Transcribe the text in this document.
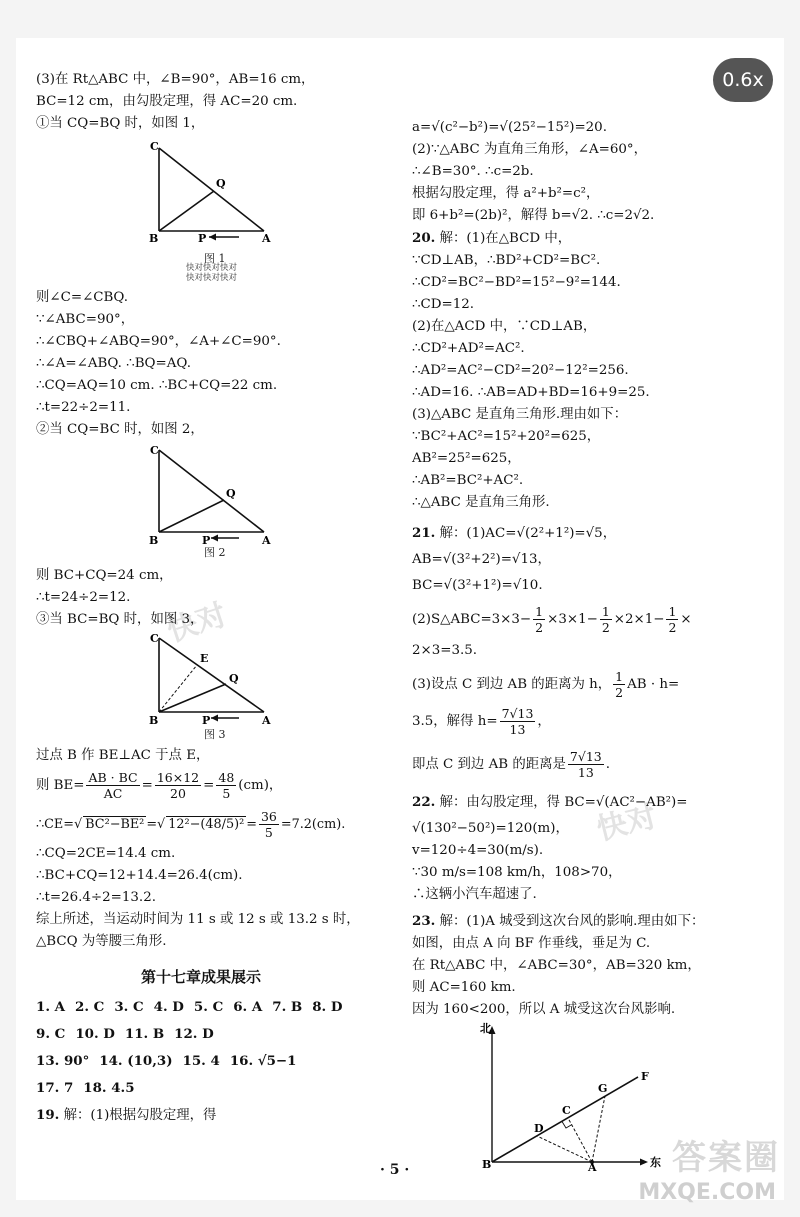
快对
快对
0.6x
(3)在 Rt△ABC 中，∠B=90°，AB=16 cm，
BC=12 cm，由勾股定理，得 AC=20 cm.
①当 CQ=BQ 时，如图 1，
C
Q
B	P	A
图 1
快对快对快对
快对快对快对
则∠C=∠CBQ.
∵∠ABC=90°，
∴∠CBQ+∠ABQ=90°，∠A+∠C=90°.
∴∠A=∠ABQ. ∴BQ=AQ.
∴CQ=AQ=10 cm. ∴BC+CQ=22 cm.
∴t=22÷2=11.
②当 CQ=BC 时，如图 2，
C
Q
B	P	A
图 2
则 BC+CQ=24 cm，
∴t=24÷2=12.
③当 BC=BQ 时，如图 3，
C
E
Q
B	P	A
图 3
过点 B 作 BE⊥AC 于点 E，
则 $BE= \frac{AB \cdot BC}{AC} = \frac{16\times 12}{20} = \frac{48}{5} (cm)$，
∴CE=√ BC²−BE² =√ $12^2-(48/5)^2 = \frac{36}{5} =7.2(cm)$.
∴CQ=2CE=14.4 cm.
∴BC+CQ=12+14.4=26.4(cm).
∴t=26.4÷2=13.2.
综上所述，当运动时间为 11 s 或 12 s 或 13.2 s 时，
△BCQ 为等腰三角形.
第十七章成果展示
1. A 2. C 3. C 4. D 5. C 6. A 7. B 8. D
9. C 10. D 11. B 12. D
13. 90° 14. (10,3) 15. 4 16. √5−1
17. 7 18. 4.5
19. 解：(1)根据勾股定理，得
a=√(c²−b²)=√(25²−15²)=20.
(2)∵△ABC 为直角三角形，∠A=60°，
∴∠B=30°. ∴c=2b.
根据勾股定理，得 a²+b²=c²，
即 6+b²=(2b)²，解得 b=√2. ∴c=2√2.
20. 解：(1)在△BCD 中，
∵CD⊥AB，∴BD²+CD²=BC².
∴CD²=BC²−BD²=15²−9²=144.
∴CD=12.
(2)在△ACD 中，∵CD⊥AB，
∴CD²+AD²=AC².
∴AD²=AC²−CD²=20²−12²=256.
∴AD=16. ∴AB=AD+BD=16+9=25.
(3)△ABC 是直角三角形.理由如下：
∵BC²+AC²=15²+20²=625，
AB²=25²=625，
∴AB²=BC²+AC².
∴△ABC 是直角三角形.
21. 解：(1)AC=√(2²+1²)=√5，
AB=√(3²+2²)=√13，
BC=√(3²+1²)=√10.
(2)S△ABC=3×3− $\frac{1}{2} \times 3\times 1- \frac{1}{2} \times 2\times 1- \frac{1}{2}$ ×
2×3=3.5.
(3)设点 C 到边 AB 的距离为 h， $\frac{1}{2}$ AB · h=
3.5，解得 $h= \frac{7√13}{13}$ ，
即点 C 到边 AB 的距离是 $\frac{7√13}{13}$ .
22. 解：由勾股定理，得 BC=√(AC²−AB²)=
√(130²−50²)=120(m)，
v=120÷4=30(m/s).
∵30 m/s=108 km/h，108>70，
∴这辆小汽车超速了.
23. 解：(1)A 城受到这次台风的影响.理由如下：
如图，由点 A 向 BF 作垂线，垂足为 C.
在 Rt△ABC 中，∠ABC=30°，AB=320 km，
则 AC=160 km.
因为 160<200，所以 A 城受这次台风影响.
北
东
F
G
C
D
B	A
· 5 ·	答案圈
MXQE.COM
